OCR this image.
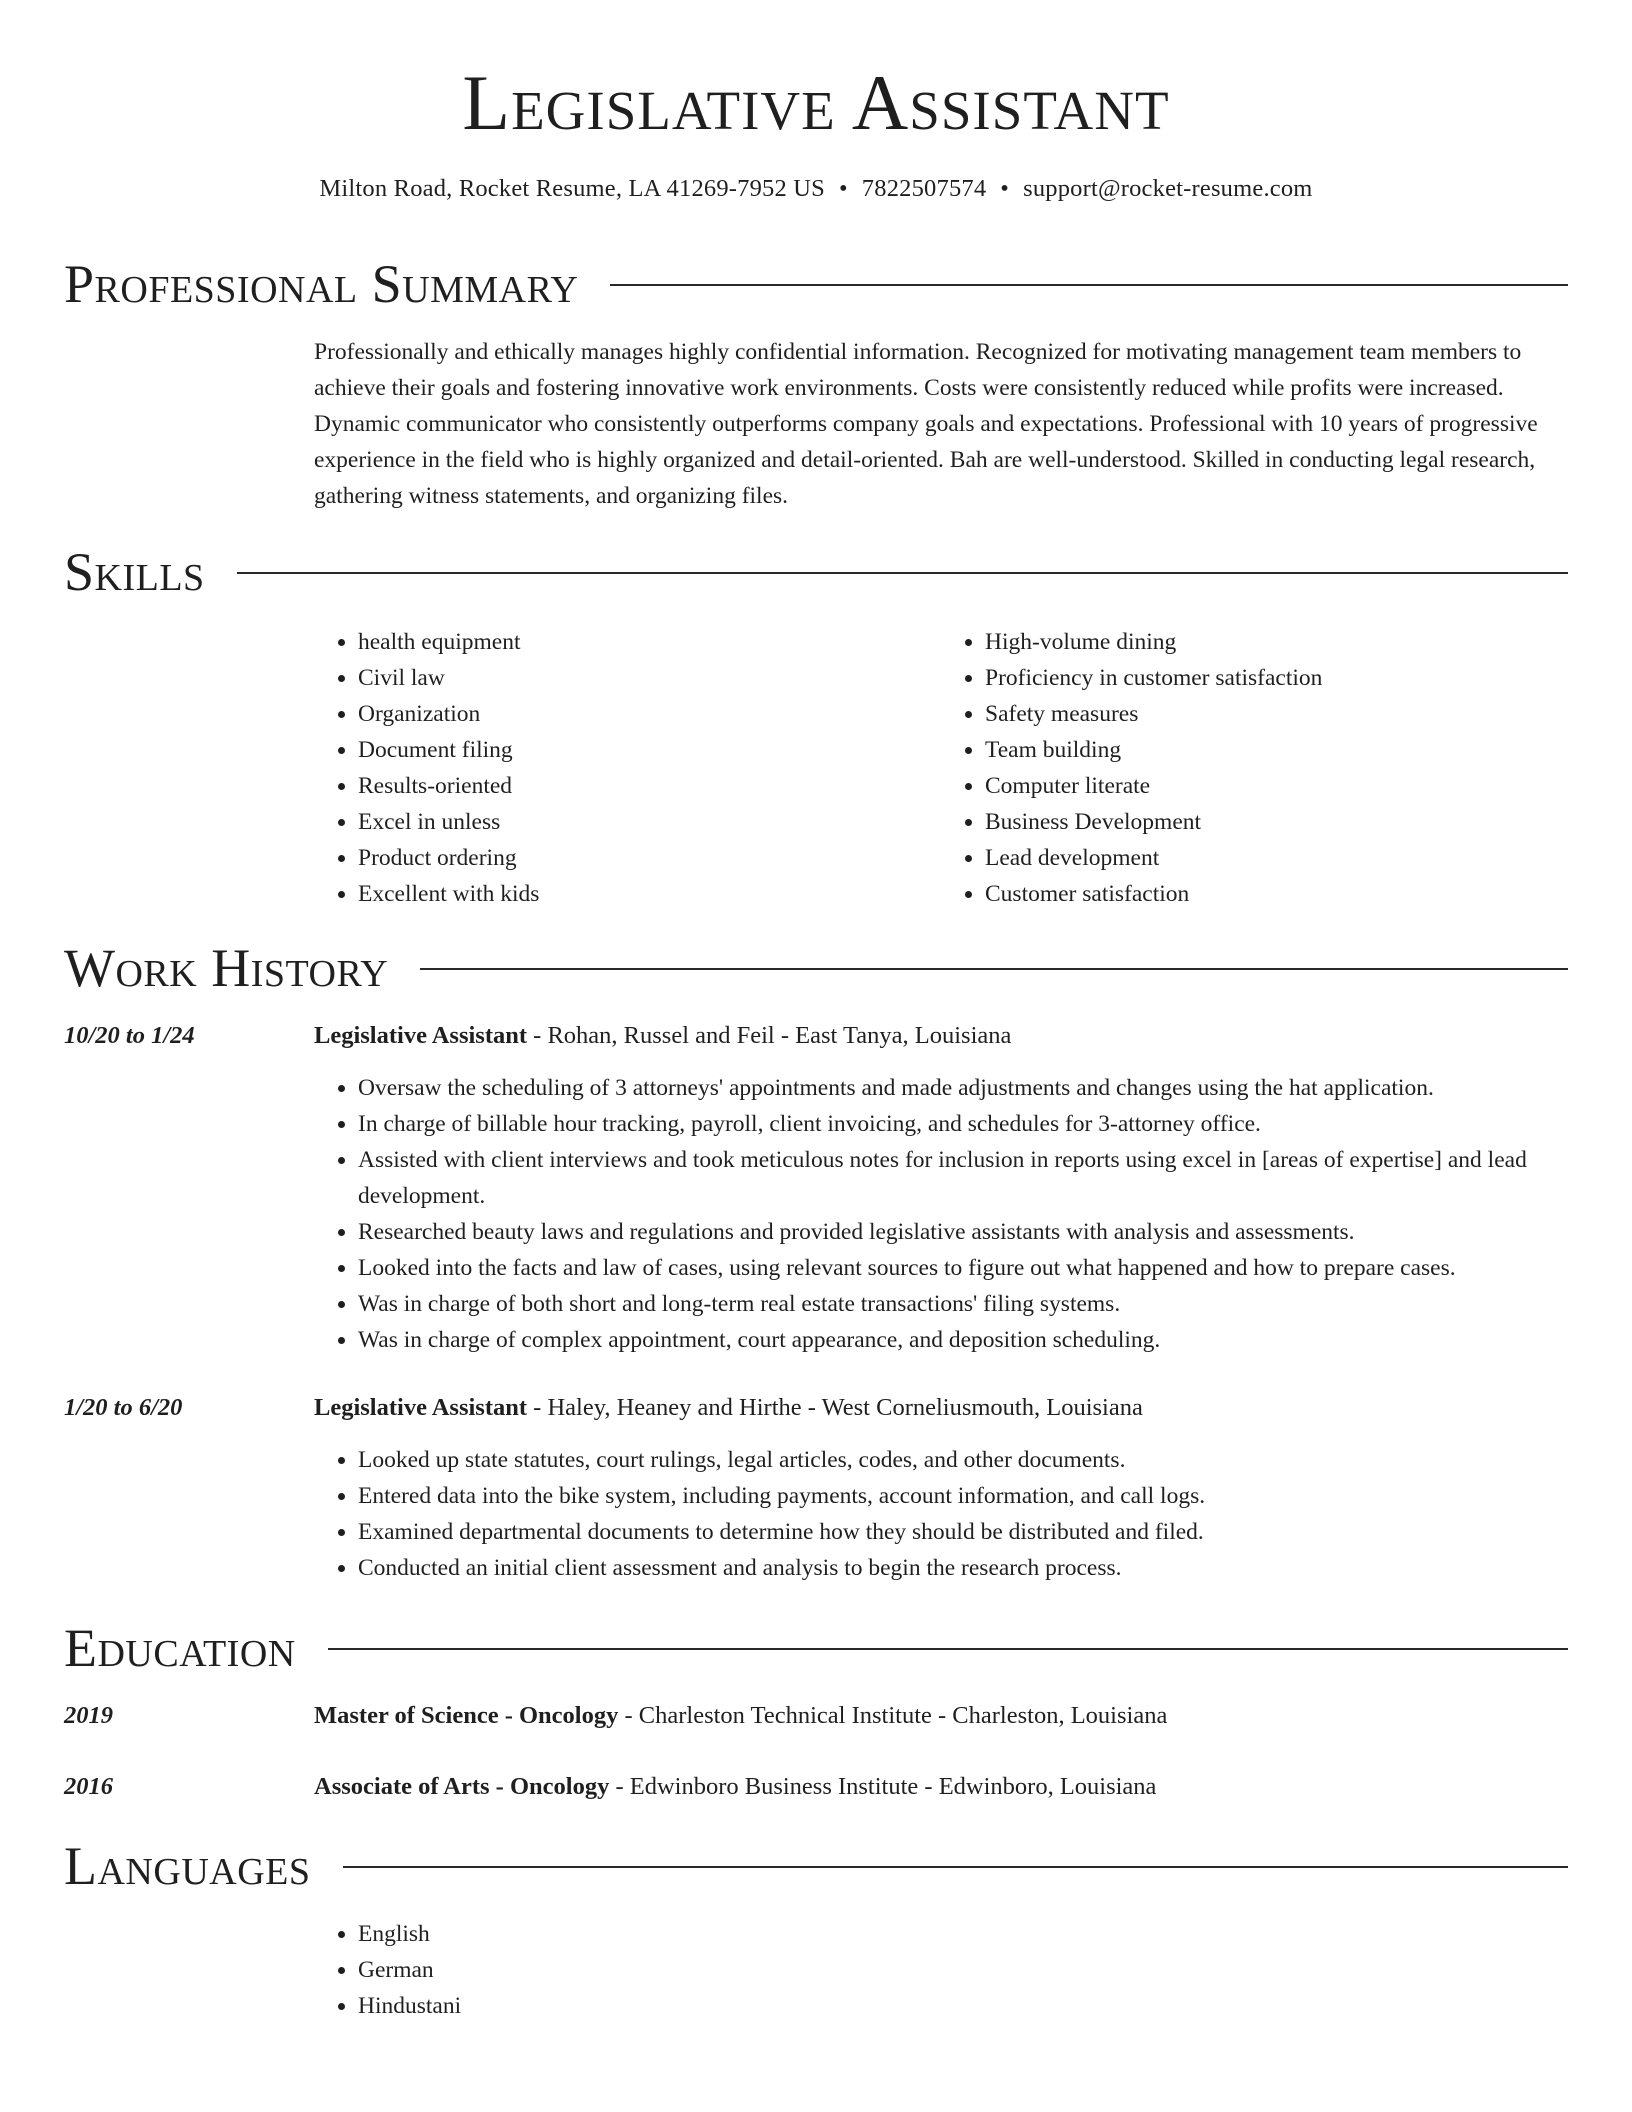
Legislative Assistant
Milton Road, Rocket Resume, LA 41269-7952 US • 7822507574 • support@rocket-resume.com
Professional Summary

Professionally and ethically manages highly confidential information. Recognized for motivating management team members to achieve their goals and fostering innovative work environments. Costs were consistently reduced while profits were increased. Dynamic communicator who consistently outperforms company goals and expectations. Professional with 10 years of progressive experience in the field who is highly organized and detail-oriented. Bah are well-understood. Skilled in conducting legal research, gathering witness statements, and organizing files.

Skills
• health equipment
• Civil law
• Organization
• Document filing
• Results-oriented
• Excel in unless
• Product ordering
• Excellent with kids
• High-volume dining
• Proficiency in customer satisfaction
• Safety measures
• Team building
• Computer literate
• Business Development
• Lead development
• Customer satisfaction
Work History
10/20 to 1/24	Legislative Assistant - Rohan, Russel and Feil - East Tanya, Louisiana
• Oversaw the scheduling of 3 attorneys' appointments and made adjustments and changes using the hat application.
• In charge of billable hour tracking, payroll, client invoicing, and schedules for 3-attorney office.
• Assisted with client interviews and took meticulous notes for inclusion in reports using excel in [areas of expertise] and lead development.
• Researched beauty laws and regulations and provided legislative assistants with analysis and assessments.
• Looked into the facts and law of cases, using relevant sources to figure out what happened and how to prepare cases.
• Was in charge of both short and long-term real estate transactions' filing systems.
• Was in charge of complex appointment, court appearance, and deposition scheduling.
1/20 to 6/20	Legislative Assistant - Haley, Heaney and Hirthe - West Corneliusmouth, Louisiana
• Looked up state statutes, court rulings, legal articles, codes, and other documents.
• Entered data into the bike system, including payments, account information, and call logs.
• Examined departmental documents to determine how they should be distributed and filed.
• Conducted an initial client assessment and analysis to begin the research process.
Education
2019	Master of Science - Oncology - Charleston Technical Institute - Charleston, Louisiana
2016	Associate of Arts - Oncology - Edwinboro Business Institute - Edwinboro, Louisiana
Languages
• English
• German
• Hindustani
